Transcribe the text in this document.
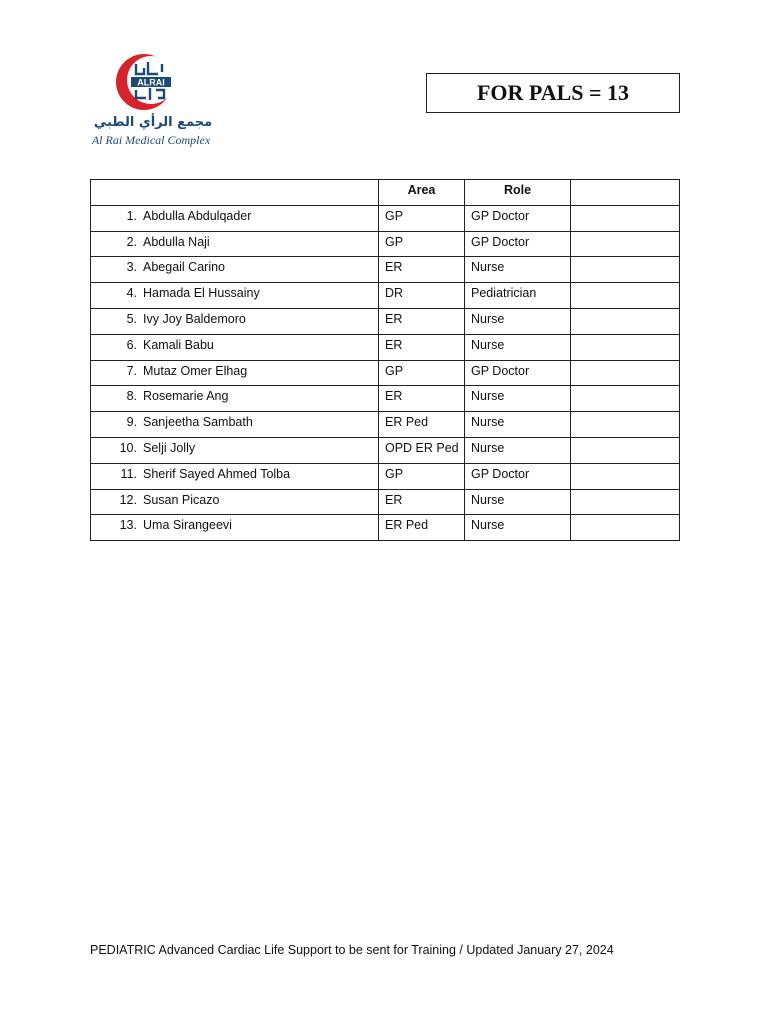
ALRAI
مجمع الرأي الطبي
Al Rai Medical Complex
FOR PALS = 13
	Area	Role	
1. Abdulla Abdulqader	GP	GP Doctor	
2. Abdulla Naji	GP	GP Doctor	
3. Abegail Carino	ER	Nurse	
4. Hamada El Hussainy	DR	Pediatrician	
5. Ivy Joy Baldemoro	ER	Nurse	
6. Kamali Babu	ER	Nurse	
7. Mutaz Omer Elhag	GP	GP Doctor	
8. Rosemarie Ang	ER	Nurse	
9. Sanjeetha Sambath	ER Ped	Nurse	
10. Selji Jolly	OPD ER Ped	Nurse	
11. Sherif Sayed Ahmed Tolba	GP	GP Doctor	
12. Susan Picazo	ER	Nurse	
13. Uma Sirangeevi	ER Ped	Nurse	
PEDIATRIC Advanced Cardiac Life Support to be sent for Training / Updated January 27, 2024
